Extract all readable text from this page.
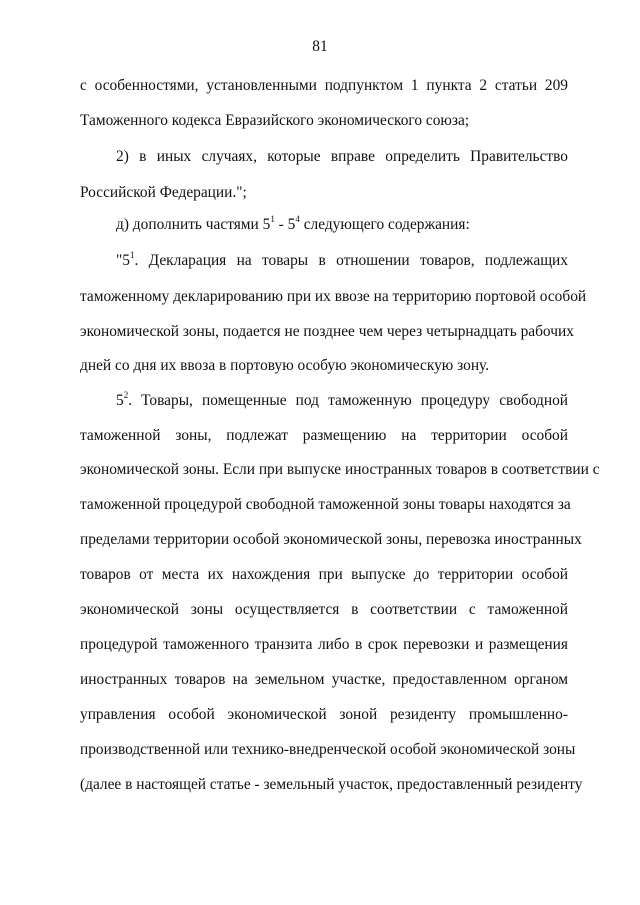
81
с особенностями, установленными подпунктом 1 пункта 2 статьи 209
Таможенного кодекса Евразийского экономического союза;
2) в иных случаях, которые вправе определить Правительство
Российской Федерации.";
д) дополнить частями $5^1 - 5^4$ следующего содержания:
"$5^1$. Декларация на товары в отношении товаров, подлежащих
таможенному декларированию при их ввозе на территорию портовой особой
экономической зоны, подается не позднее чем через четырнадцать рабочих
дней со дня их ввоза в портовую особую экономическую зону.
$5^2$. Товары, помещенные под таможенную процедуру свободной
таможенной зоны, подлежат размещению на территории особой
экономической зоны. Если при выпуске иностранных товаров в соответствии с
таможенной процедурой свободной таможенной зоны товары находятся за
пределами территории особой экономической зоны, перевозка иностранных
товаров от места их нахождения при выпуске до территории особой
экономической зоны осуществляется в соответствии с таможенной
процедурой таможенного транзита либо в срок перевозки и размещения
иностранных товаров на земельном участке, предоставленном органом
управления особой экономической зоной резиденту промышленно-
производственной или технико-внедренческой особой экономической зоны
(далее в настоящей статье - земельный участок, предоставленный резиденту
